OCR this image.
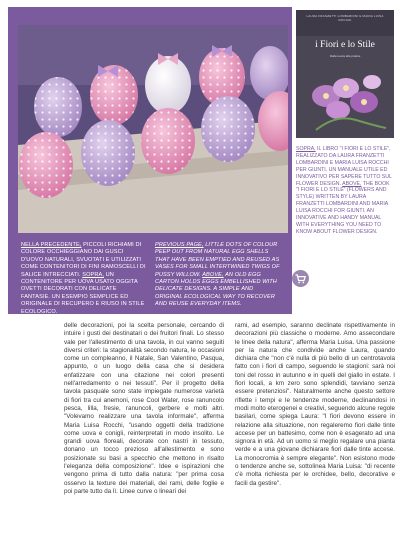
NELLA PRECEDENTE, PICCOLI RICHIAMI DI COLORE OCCHIEGGIANO DAI GUSCI D'UOVO NATURALI, SVUOTATI E UTILIZZATI COME CONTENITORI DI FINI RAMOSCELLI DI SALICE INTRECCIATI. SOPRA, UN CONTENITORE PER UOVA USATO OGGITA OVETTI DECORATI CON DELICATE FANTASIE. UN ESEMPIO SEMPLICE ED ORIGINALE DI RECUPERO E RIUSO IN STILE ECOLOGICO.
PREVIOUS PAGE, LITTLE DOTS OF COLOUR PEEP OUT FROM NATURAL EGG SHELLS THAT HAVE BEEN EMPTIED AND REUSED AS VASES FOR SMALL INTERTWINED TWIGS OF PUSSY WILLOW. ABOVE, AN OLD EGG CARTON HOLDS EGGS EMBELLISHED WITH DELICATE DESIGNS. A SIMPLE AND ORIGINAL ECOLOGICAL WAY TO RECOVER AND REUSE EVERYDAY ITEMS.
LAURA FRANZETTI LOMBARDINI E MARIA LUISA ROCCHI
i Fiori e lo Stile
Dalla teoria alla pratica
SOPRA, IL LIBRO "I FIORI E LO STILE", REALIZZATO DA LAURA FRANZETTI LOMBARDINI E MARIA LUISA ROCCHI PER GIUNTI, UN MANUALE UTILE ED INNOVATIVO PER SAPERE TUTTO SUL FLOWER DESIGN. ABOVE, THE BOOK "I FIORI E LO STILE" (FLOWERS AND STYLE) WRITTEN BY LAURA FRANZETTI LOMBARDINI AND MARIA LUISA ROCCHI FOR GIUNTI. AN INNOVATIVE AND HANDY MANUAL WITH EVERYTHING YOU NEED TO KNOW ABOUT FLOWER DESIGN.
delle decorazioni, poi la scelta personale, cercando di intuire i gusti dei destinatari o dei fruitori finali. Lo stesso vale per l'allestimento di una tavola, in cui vanno seguiti diversi criteri: la stagionalità secondo natura, le occasioni come un compleanno, il Natale, San Valentino, Pasqua, appunto, o un luogo della casa che si desidera enfatizzare con una citazione nei colori presenti nell'arredamento o nei tessuti". Per il progetto della tavola pasquale sono state impiegate numerose varietà di fiori tra cui anemoni, rose Cool Water, rose ranuncolo pesca, lilla, fresie, ranuncoli, gerbere e molti altri. "Volevamo realizzare una tavola informale", afferma Maria Luisa Rocchi, "usando oggetti della tradizione come uova e conigli, reinterpretati in modo insolito. Le grandi uova floreali, decorate con nastri in tessuto, donano un tocco prezioso all'allestimento e sono posizionate su basi a specchio che mettono in risalto l'eleganza della composizione". Idee e ispirazioni che vengono prima di tutto dalla natura: "per prima cosa osservo la texture dei materiali, dei rami, delle foglie e poi parte tutto da lì. Linee curve o lineari dei
rami, ad esempio, saranno declinate rispettivamente in decorazioni più classiche o moderne. Amo assecondare le linee della natura", afferma Maria Luisa. Una passione per la natura che condivide anche Laura, quando dichiara che "non c'è nulla di più bello di un centrotavola fatto con i fiori di campo, seguendo le stagioni: sarà noi toni del rosso in autunno e in quelli del giallo in estate. I fiori locali, a km zero sono splendidi, tavviano senza essere pretenziosi". Naturalmente anche questo settore riflette i tempi e le tendenze moderne, declinandosi in modi molto eterogenei e creativi, seguendo alcune regole basilari, come spiega Laura: "I fiori devono essere in relazione alla situazione, non regaleremo fiori dalle tinte accese per un battesimo, come non è esagerato ad una signora in età. Ad un uomo si meglio regalare una pianta verde e a una giovane dichiarare fiori dalle tinte accese. La monocromia è sempre elegante". Non esistono mode o tendenze anche se, sottolinea Maria Luisa: "di recente c'è molta richiesta per le orchidee, bello, decorative e facili da gestire".
